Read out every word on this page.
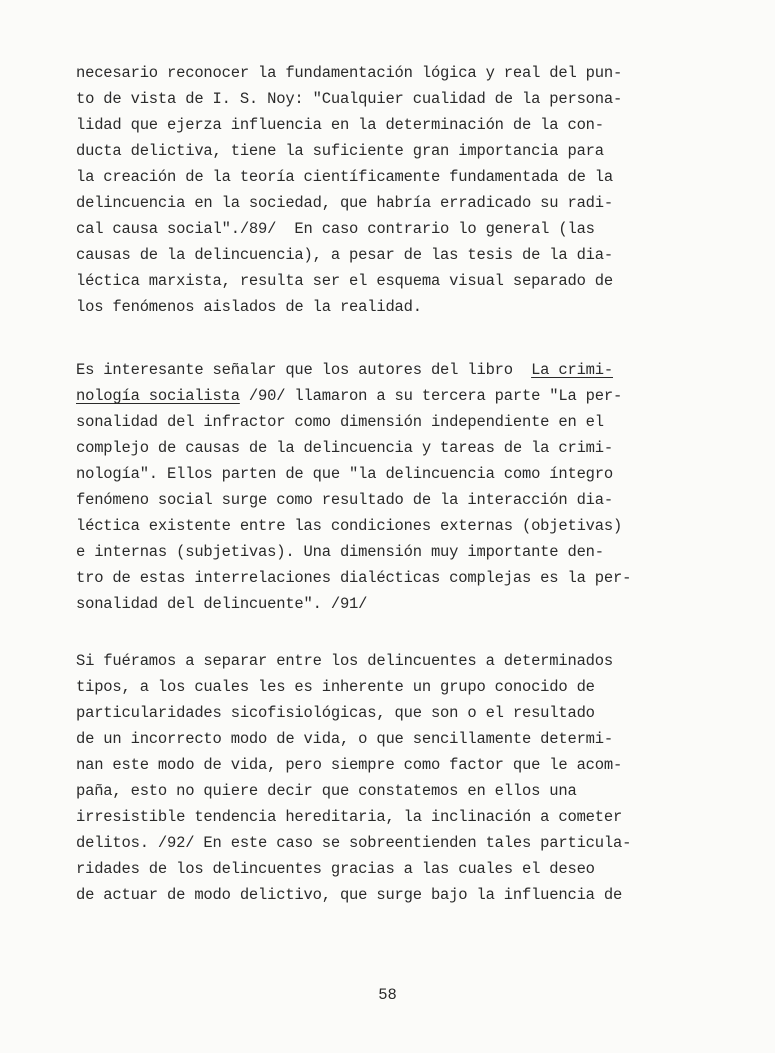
necesario reconocer la fundamentación lógica y real del pun-
to de vista de I. S. Noy: "Cualquier cualidad de la persona-
lidad que ejerza influencia en la determinación de la con-
ducta delictiva, tiene la suficiente gran importancia para
la creación de la teoría científicamente fundamentada de la
delincuencia en la sociedad, que habría erradicado su radi-
cal causa social"./89/  En caso contrario lo general (las
causas de la delincuencia), a pesar de las tesis de la dia-
léctica marxista, resulta ser el esquema visual separado de
los fenómenos aislados de la realidad.
Es interesante señalar que los autores del libro  La crimi-
nología socialista /90/ llamaron a su tercera parte "La per-
sonalidad del infractor como dimensión independiente en el
complejo de causas de la delincuencia y tareas de la crimi-
nología". Ellos parten de que "la delincuencia como íntegro
fenómeno social surge como resultado de la interacción dia-
léctica existente entre las condiciones externas (objetivas)
e internas (subjetivas). Una dimensión muy importante den-
tro de estas interrelaciones dialécticas complejas es la per-
sonalidad del delincuente". /91/
Si fuéramos a separar entre los delincuentes a determinados
tipos, a los cuales les es inherente un grupo conocido de
particularidades sicofisiológicas, que son o el resultado
de un incorrecto modo de vida, o que sencillamente determi-
nan este modo de vida, pero siempre como factor que le acom-
paña, esto no quiere decir que constatemos en ellos una
irresistible tendencia hereditaria, la inclinación a cometer
delitos. /92/ En este caso se sobreentienden tales particula-
ridades de los delincuentes gracias a las cuales el deseo
de actuar de modo delictivo, que surge bajo la influencia de
58
